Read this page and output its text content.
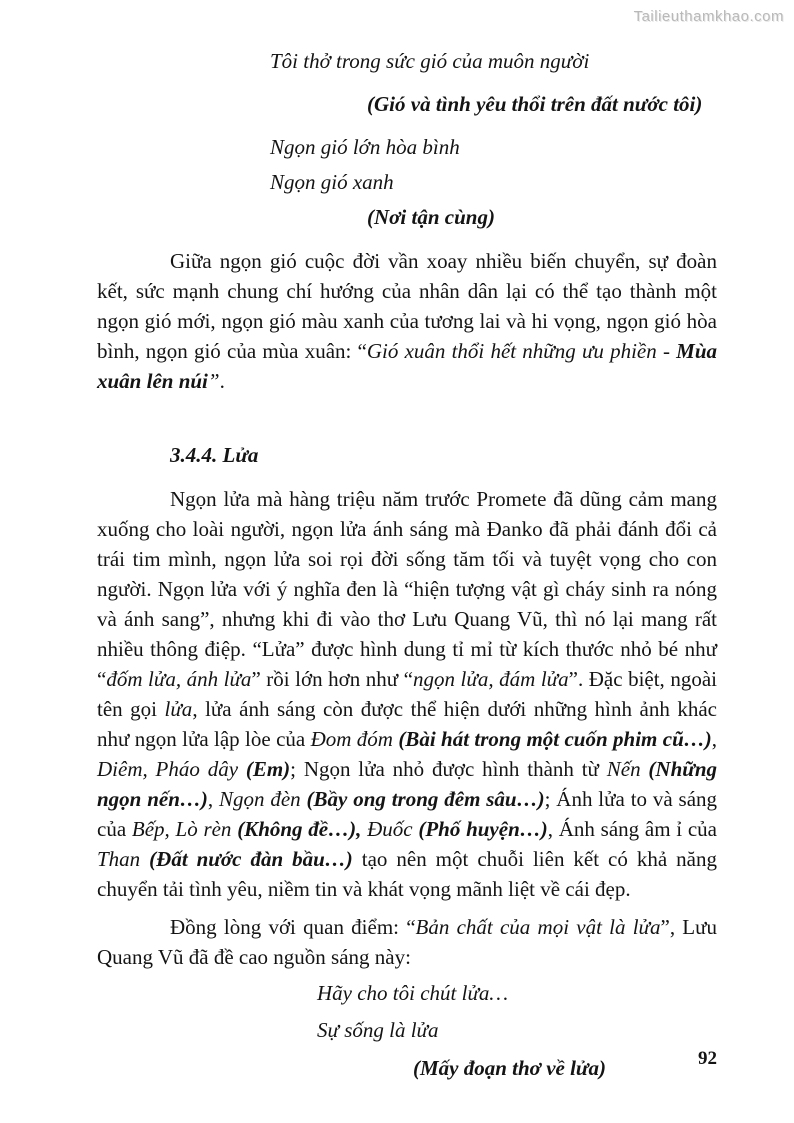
Tailieuthamkhao.com
Tôi thở trong sức gió của muôn người
(Gió và tình yêu thổi trên đất nước tôi)
Ngọn gió lớn hòa bình
Ngọn gió xanh
(Nơi tận cùng)

Giữa ngọn gió cuộc đời vần xoay nhiều biến chuyển, sự đoàn kết, sức mạnh chung chí hướng của nhân dân lại có thể tạo thành một ngọn gió mới, ngọn gió màu xanh của tương lai và hi vọng, ngọn gió hòa bình, ngọn gió của mùa xuân: “Gió xuân thổi hết những ưu phiền - Mùa xuân lên núi”.

3.4.4. Lửa

Ngọn lửa mà hàng triệu năm trước Promete đã dũng cảm mang xuống cho loài người, ngọn lửa ánh sáng mà Đanko đã phải đánh đổi cả trái tim mình, ngọn lửa soi rọi đời sống tăm tối và tuyệt vọng cho con người. Ngọn lửa với ý nghĩa đen là “hiện tượng vật gì cháy sinh ra nóng và ánh sang”, nhưng khi đi vào thơ Lưu Quang Vũ, thì nó lại mang rất nhiều thông điệp. “Lửa” được hình dung tỉ mỉ từ kích thước nhỏ bé như “đốm lửa, ánh lửa” rồi lớn hơn như “ngọn lửa, đám lửa”. Đặc biệt, ngoài tên gọi lửa, lửa ánh sáng còn được thể hiện dưới những hình ảnh khác như ngọn lửa lập lòe của Đom đóm (Bài hát trong một cuốn phim cũ…), Diêm, Pháo dây (Em); Ngọn lửa nhỏ được hình thành từ Nến (Những ngọn nến…), Ngọn đèn (Bầy ong trong đêm sâu…); Ánh lửa to và sáng của Bếp, Lò rèn (Không đề…), Đuốc (Phố huyện…), Ánh sáng âm ỉ của Than (Đất nước đàn bầu…) tạo nên một chuỗi liên kết có khả năng chuyển tải tình yêu, niềm tin và khát vọng mãnh liệt về cái đẹp.

Đồng lòng với quan điểm: “Bản chất của mọi vật là lửa”, Lưu Quang Vũ đã đề cao nguồn sáng này:

Hãy cho tôi chút lửa…
Sự sống là lửa
(Mấy đoạn thơ về lửa)	92
